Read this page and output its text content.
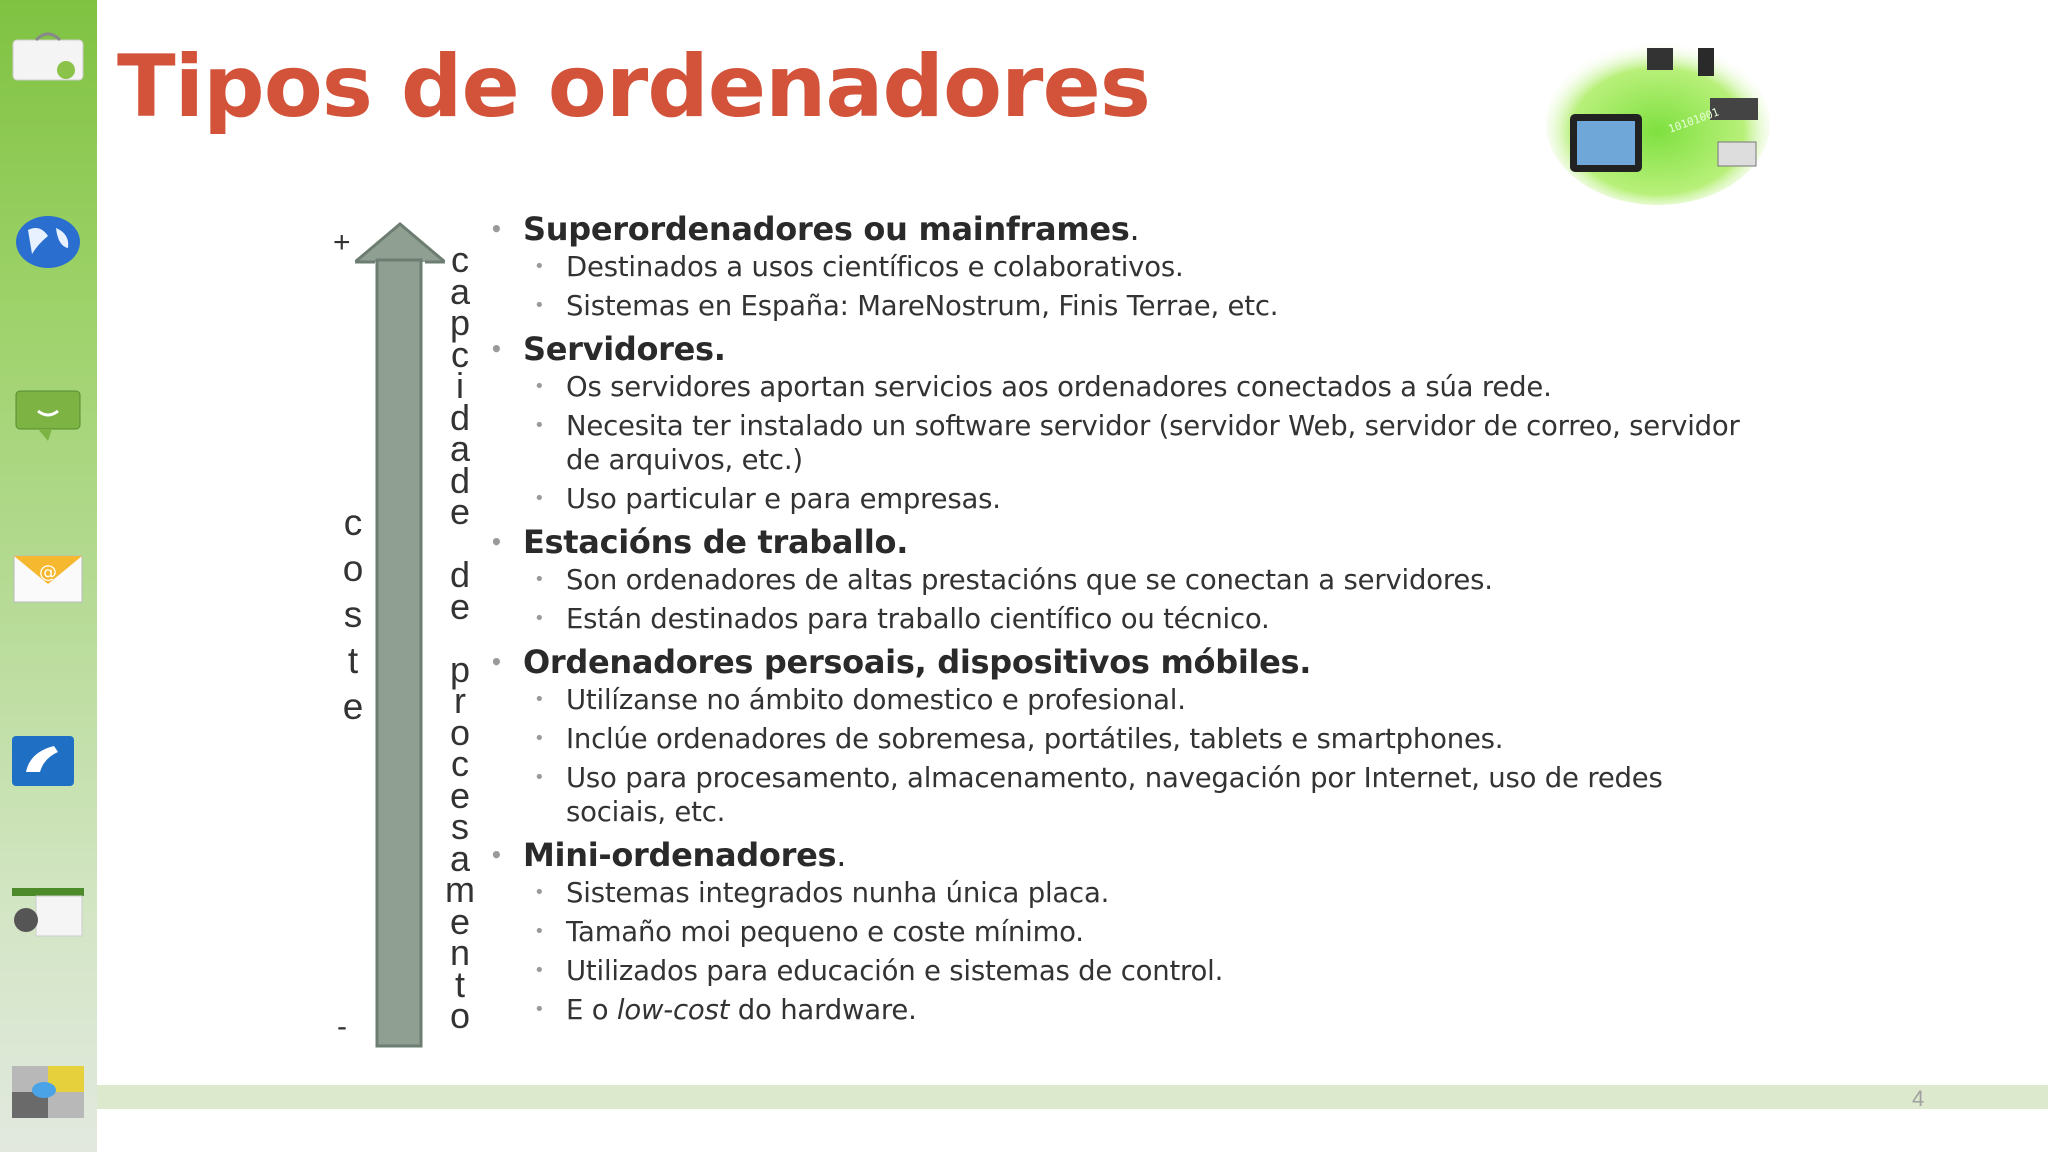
@
Tipos de ordenadores	10101001
+
-
c
o
s
t
e
c
a
p
c
i
d
a
d
e
d
e
p
r
o
c
e
s
a
m
e
n
t
o
• Superordenadores ou mainframes.
• Destinados a usos científicos e colaborativos.
• Sistemas en España: MareNostrum, Finis Terrae, etc.
• Servidores.
• Os servidores aportan servicios aos ordenadores conectados a súa rede.
• Necesita ter instalado un software servidor (servidor Web, servidor de correo, servidor de arquivos, etc.)
• Uso particular e para empresas.
• Estacións de traballo.
• Son ordenadores de altas prestacións que se conectan a servidores.
• Están destinados para traballo científico ou técnico.
• Ordenadores persoais, dispositivos móbiles.
• Utilízanse no ámbito domestico e profesional.
• Inclúe ordenadores de sobremesa, portátiles, tablets e smartphones.
• Uso para procesamento, almacenamento, navegación por Internet, uso de redes sociais, etc.
• Mini-ordenadores.
• Sistemas integrados nunha única placa.
• Tamaño moi pequeno e coste mínimo.
• Utilizados para educación e sistemas de control.
• E o low-cost do hardware.
4
